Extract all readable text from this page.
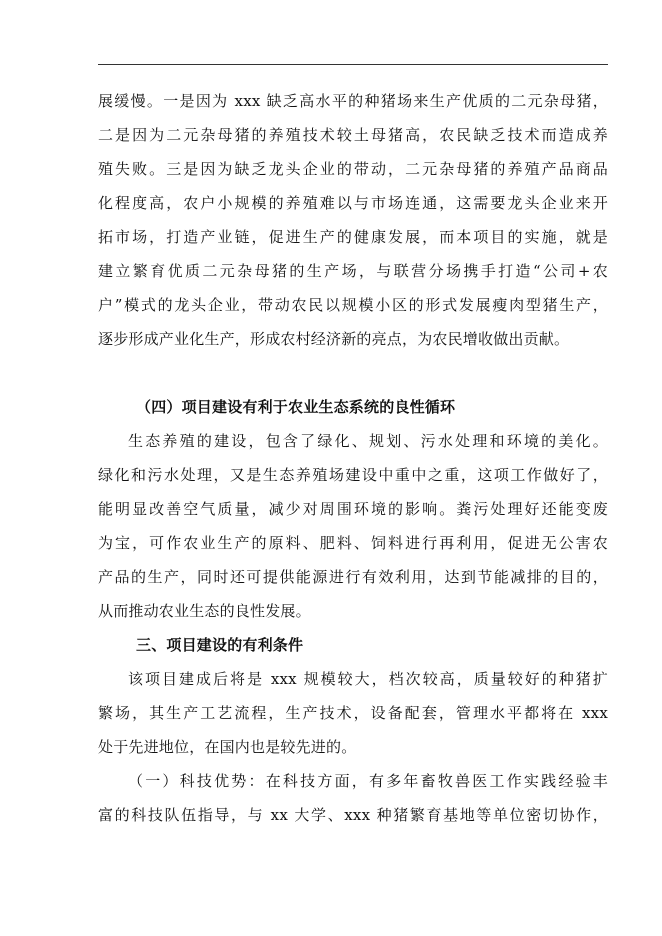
展缓慢。一是因为 xxx 缺乏高水平的种猪场来生产优质的二元杂母猪，
二是因为二元杂母猪的养殖技术较土母猪高，农民缺乏技术而造成养
殖失败。三是因为缺乏龙头企业的带动，二元杂母猪的养殖产品商品
化程度高，农户小规模的养殖难以与市场连通，这需要龙头企业来开
拓市场，打造产业链，促进生产的健康发展，而本项目的实施，就是
建立繁育优质二元杂母猪的生产场，与联营分场携手打造“公司+农
户”模式的龙头企业，带动农民以规模小区的形式发展瘦肉型猪生产，
逐步形成产业化生产，形成农村经济新的亮点，为农民增收做出贡献。
（四）项目建设有利于农业生态系统的良性循环
生态养殖的建设，包含了绿化、规划、污水处理和环境的美化。
绿化和污水处理，又是生态养殖场建设中重中之重，这项工作做好了，
能明显改善空气质量，减少对周围环境的影响。粪污处理好还能变废
为宝，可作农业生产的原料、肥料、饲料进行再利用，促进无公害农
产品的生产，同时还可提供能源进行有效利用，达到节能减排的目的，
从而推动农业生态的良性发展。
三、项目建设的有利条件
该项目建成后将是 xxx 规模较大，档次较高，质量较好的种猪扩
繁场，其生产工艺流程，生产技术，设备配套，管理水平都将在 xxx
处于先进地位，在国内也是较先进的。
（一）科技优势：在科技方面，有多年畜牧兽医工作实践经验丰
富的科技队伍指导，与 xx 大学、xxx 种猪繁育基地等单位密切协作，
